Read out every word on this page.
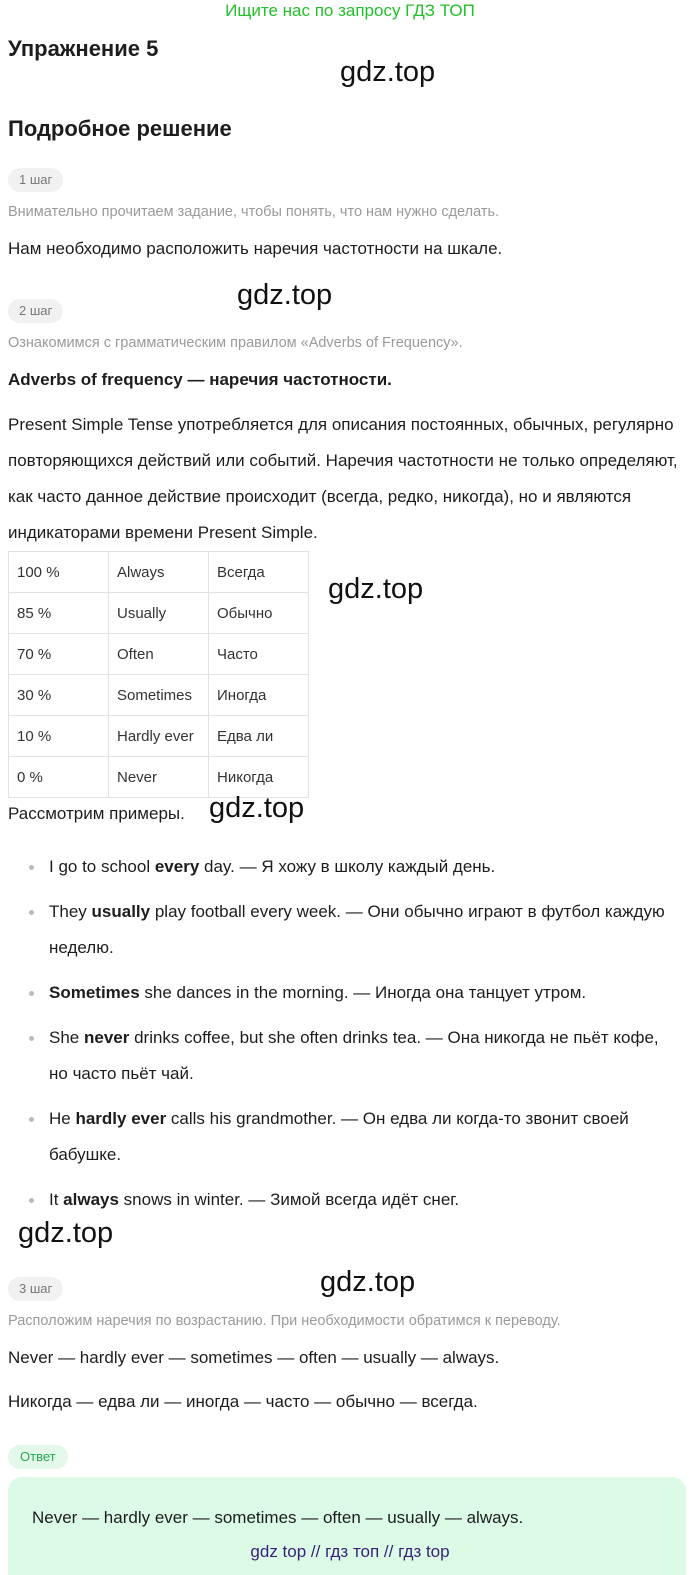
Ищите нас по запросу ГДЗ ТОП
Упражнение 5
gdz.top
Подробное решение
1 шаг
Внимательно прочитаем задание, чтобы понять, что нам нужно сделать.
Нам необходимо расположить наречия частотности на шкале.
2 шаг	gdz.top
Ознакомимся с грамматическим правилом «Adverbs of Frequency».
Adverbs of frequency — наречия частотности.
Present Simple Tense употребляется для описания постоянных, обычных, регулярно повторяющихся действий или событий. Наречия частотности не только определяют, как часто данное действие происходит (всегда, редко, никогда), но и являются индикаторами времени Present Simple.
100 %	Always	Всегда
85 %	Usually	Обычно
70 %	Often	Часто
30 %	Sometimes	Иногда
10 %	Hardly ever	Едва ли
0 %	Never	Никогда
gdz.top
Рассмотрим примеры. gdz.top
I go to school every day. — Я хожу в школу каждый день.
They usually play football every week. — Они обычно играют в футбол каждую неделю.
Sometimes she dances in the morning. — Иногда она танцует утром.
She never drinks coffee, but she often drinks tea. — Она никогда не пьёт кофе, но часто пьёт чай.
He hardly ever calls his grandmother. — Он едва ли когда-то звонит своей бабушке.
It always snows in winter. — Зимой всегда идёт снег.
gdz.top
3 шаг	gdz.top
Расположим наречия по возрастанию. При необходимости обратимся к переводу.
Never — hardly ever — sometimes — often — usually — always.
Никогда — едва ли — иногда — часто — обычно — всегда.
Ответ
Never — hardly ever — sometimes — often — usually — always.
gdz top // гдз топ // гдз top
